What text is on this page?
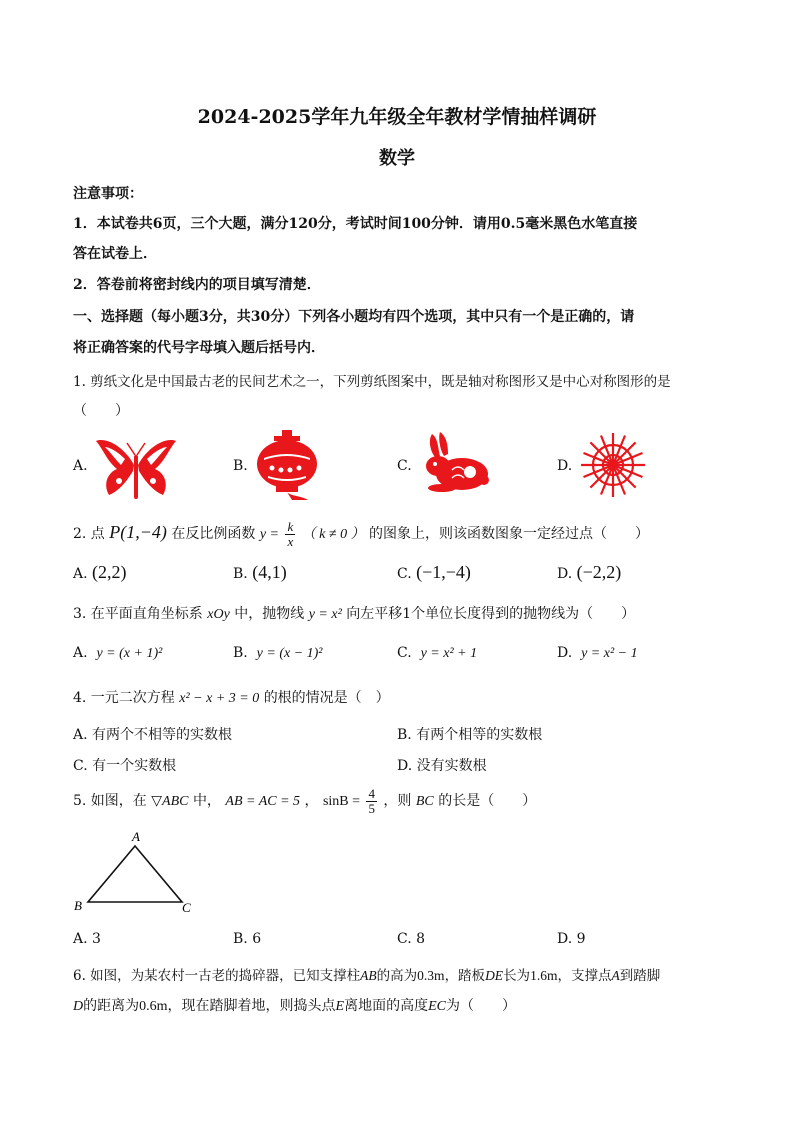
2024-2025学年九年级全年教材学情抽样调研
数学
注意事项：
1．本试卷共6页，三个大题，满分120分，考试时间100分钟．请用0.5毫米黑色水笔直接
答在试卷上．
2．答卷前将密封线内的项目填写清楚．
一、选择题（每小题3分，共30分）下列各小题均有四个选项，其中只有一个是正确的，请
将正确答案的代号字母填入题后括号内．
1. 剪纸文化是中国最古老的民间艺术之一，下列剪纸图案中，既是轴对称图形又是中心对称图形的是
（　　）
A.	B.	C.	D.
2. 点 P(1,−4) 在反比例函数 $y = \frac{k}{x}$ （ k ≠ 0 ） 的图象上，则该函数图象一定经过点（　　）
A. (2,2)	B. (4,1)	C. (−1,−4)	D. (−2,2)
3. 在平面直角坐标系 xOy 中，抛物线 y = x² 向左平移1个单位长度得到的抛物线为（　　）
A. y = (x + 1)²	B. y = (x − 1)²	C. y = x² + 1	D. y = x² − 1
4. 一元二次方程 x² − x + 3 = 0 的根的情况是（　）
A. 有两个不相等的实数根	B. 有两个相等的实数根
C. 有一个实数根	D. 没有实数根
5. 如图，在 ▽ABC 中， AB = AC = 5 ， $\sin B = \frac{4}{5}$ ，则 BC 的长是（　　）
A
B	C
A. 3	B. 6	C. 8	D. 9
6. 如图，为某农村一古老的捣碎器，已知支撑柱AB的高为0.3m，踏板DE长为1.6m，支撑点A到踏脚
D的距离为0.6m，现在踏脚着地，则捣头点E离地面的高度EC为（　　）
